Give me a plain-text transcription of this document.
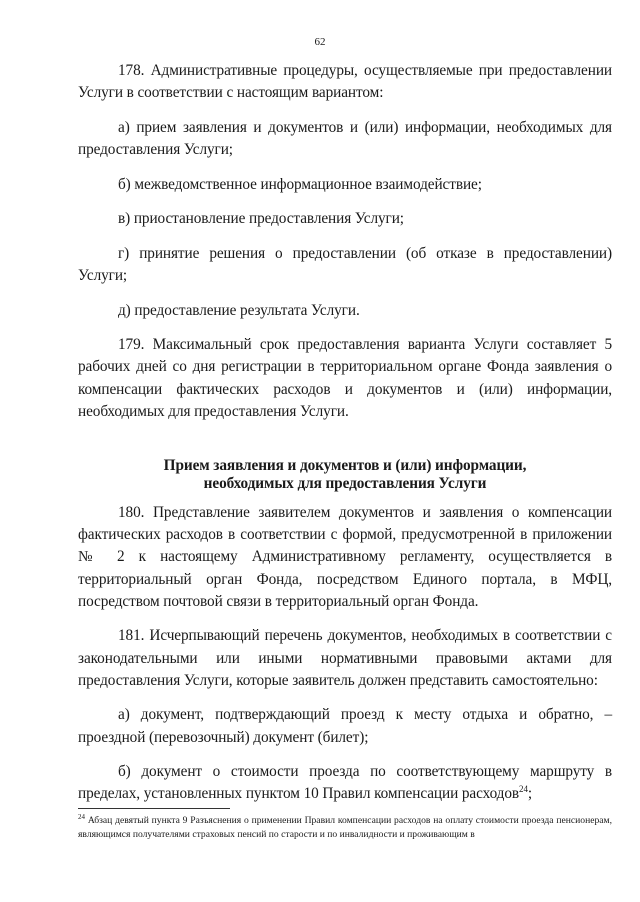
62

178. Административные процедуры, осуществляемые при предоставлении Услуги в соответствии с настоящим вариантом:

а) прием заявления и документов и (или) информации, необходимых для предоставления Услуги;

б) межведомственное информационное взаимодействие;

в) приостановление предоставления Услуги;

г) принятие решения о предоставлении (об отказе в предоставлении) Услуги;

д) предоставление результата Услуги.

179. Максимальный срок предоставления варианта Услуги составляет 5 рабочих дней со дня регистрации в территориальном органе Фонда заявления о компенсации фактических расходов и документов и (или) информации, необходимых для предоставления Услуги.

Прием заявления и документов и (или) информации,
необходимых для предоставления Услуги

180. Представление заявителем документов и заявления о компенсации фактических расходов в соответствии с формой, предусмотренной в приложении № 2 к настоящему Административному регламенту, осуществляется в территориальный орган Фонда, посредством Единого портала, в МФЦ, посредством почтовой связи в территориальный орган Фонда.

181. Исчерпывающий перечень документов, необходимых в соответствии с законодательными или иными нормативными правовыми актами для предоставления Услуги, которые заявитель должен представить самостоятельно:

а) документ, подтверждающий проезд к месту отдыха и обратно, – проездной (перевозочный) документ (билет);

б) документ о стоимости проезда по соответствующему маршруту в пределах, установленных пунктом 10 Правил компенсации расходов$^{24}$;

$^{24}$ Абзац девятый пункта 9 Разъяснения о применении Правил компенсации расходов на оплату стоимости проезда пенсионерам, являющимся получателями страховых пенсий по старости и по инвалидности и проживающим в
